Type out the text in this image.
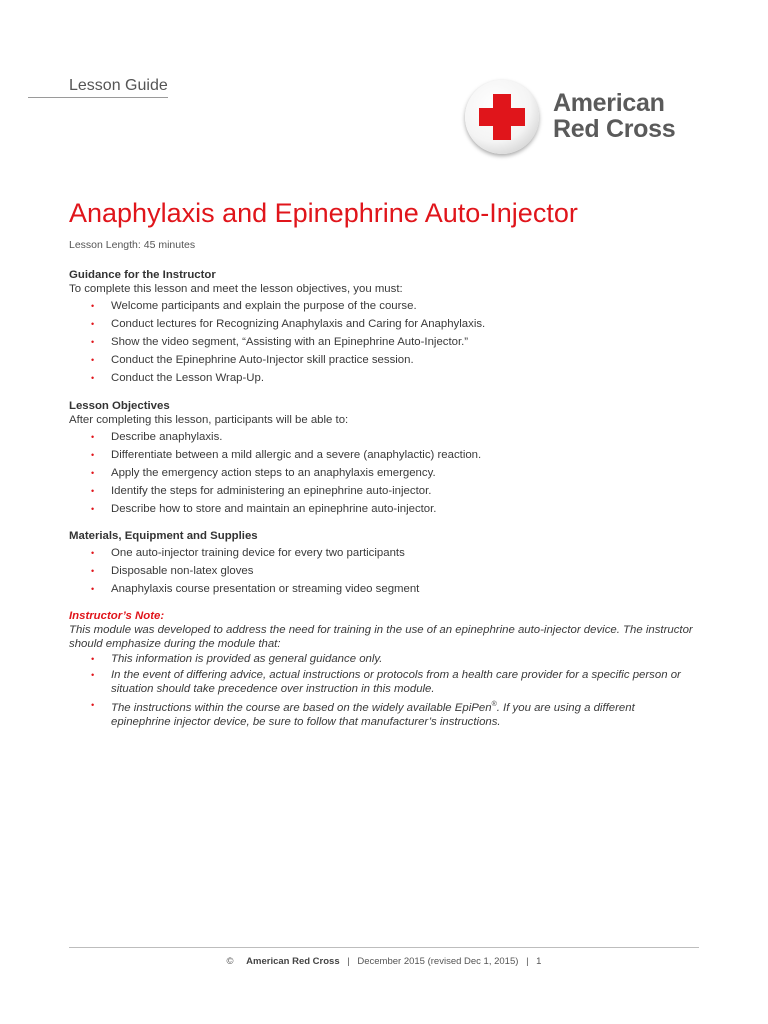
Lesson Guide
American
Red Cross
Anaphylaxis and Epinephrine Auto-Injector
Lesson Length: 45 minutes
Guidance for the Instructor

To complete this lesson and meet the lesson objectives, you must:

• Welcome participants and explain the purpose of the course.
• Conduct lectures for Recognizing Anaphylaxis and Caring for Anaphylaxis.
• Show the video segment, “Assisting with an Epinephrine Auto-Injector.”
• Conduct the Epinephrine Auto-Injector skill practice session.
• Conduct the Lesson Wrap-Up.
Lesson Objectives

After completing this lesson, participants will be able to:

• Describe anaphylaxis.
• Differentiate between a mild allergic and a severe (anaphylactic) reaction.
• Apply the emergency action steps to an anaphylaxis emergency.
• Identify the steps for administering an epinephrine auto-injector.
• Describe how to store and maintain an epinephrine auto-injector.
Materials, Equipment and Supplies
• One auto-injector training device for every two participants
• Disposable non-latex gloves
• Anaphylaxis course presentation or streaming video segment
Instructor’s Note:

This module was developed to address the need for training in the use of an epinephrine auto-injector device. The instructor should emphasize during the module that:

• This information is provided as general guidance only.
• In the event of differing advice, actual instructions or protocols from a health care provider for a specific person or situation should take precedence over instruction in this module.
• The instructions within the course are based on the widely available EpiPen®. If you are using a different
epinephrine injector device, be sure to follow that manufacturer’s instructions.
© American Red Cross | December 2015 (revised Dec 1, 2015) | 1
